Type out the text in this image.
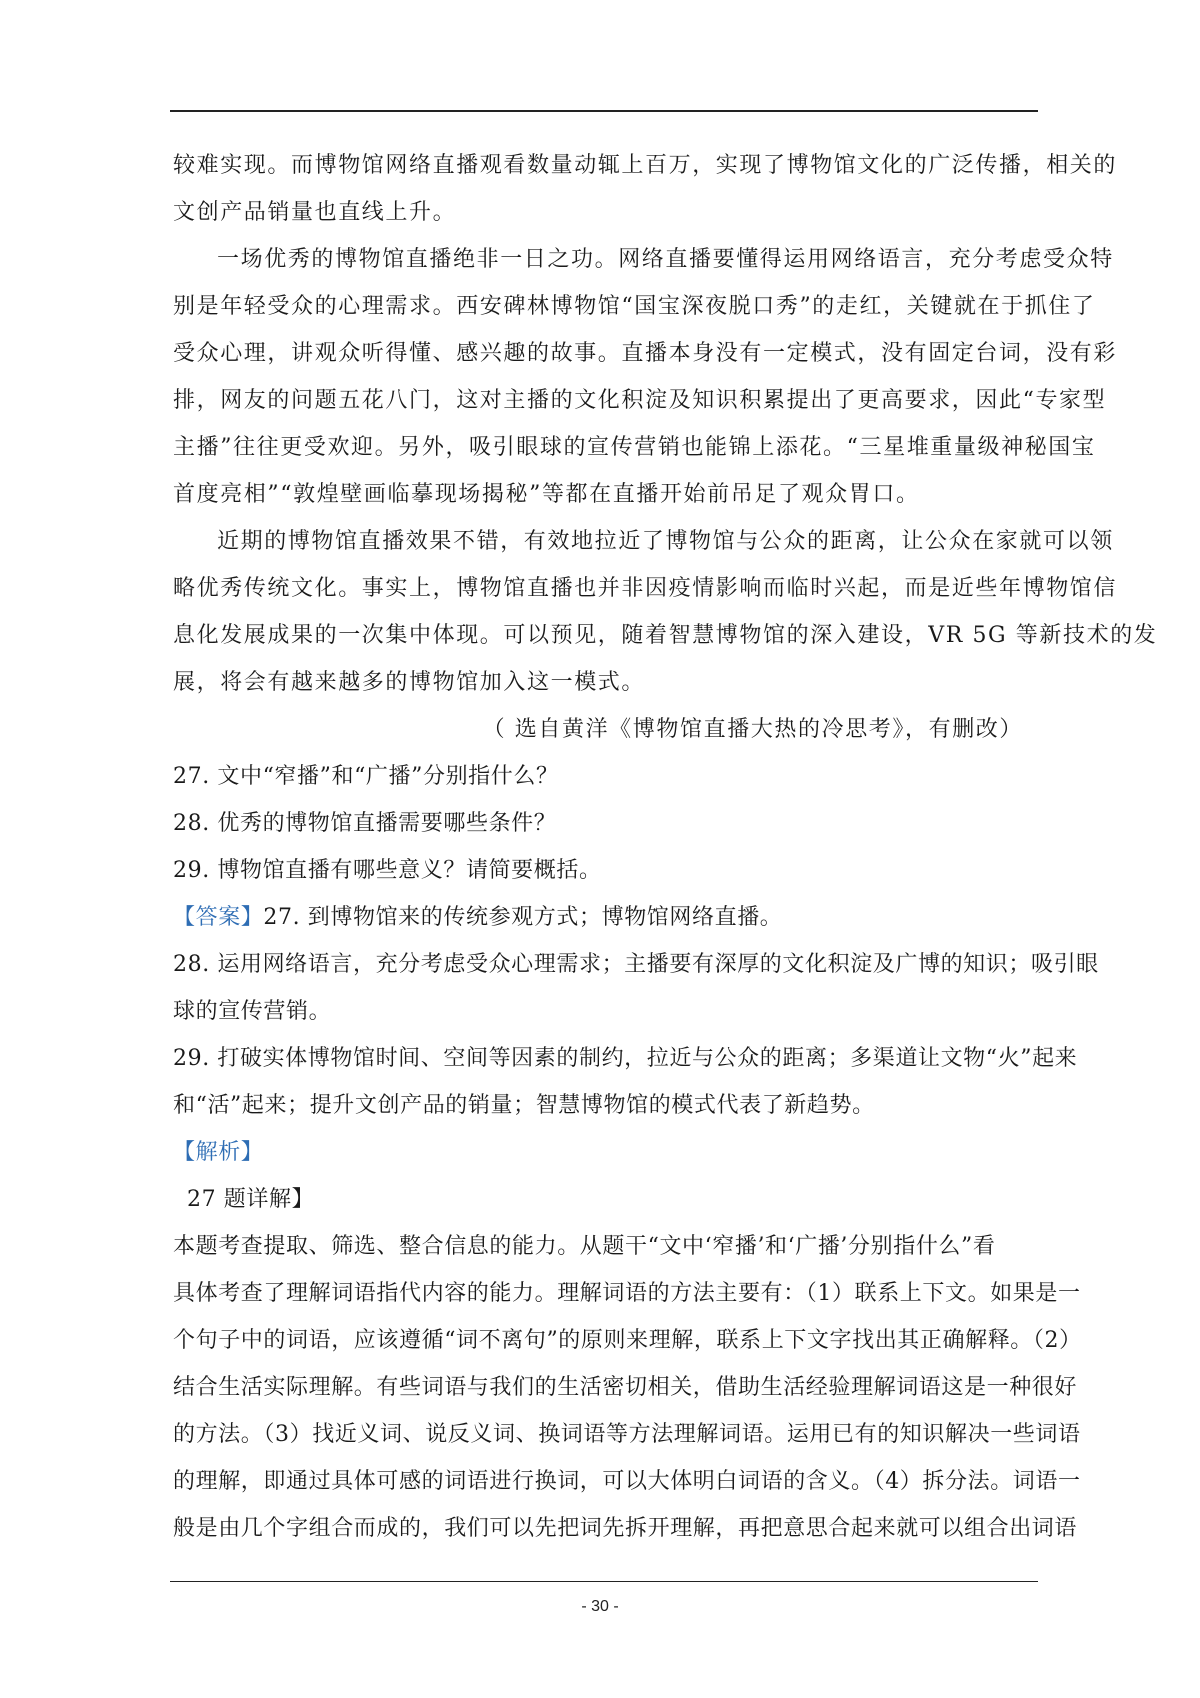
较难实现。而博物馆网络直播观看数量动辄上百万，实现了博物馆文化的广泛传播，相关的
文创产品销量也直线上升。
一场优秀的博物馆直播绝非一日之功。网络直播要懂得运用网络语言，充分考虑受众特
别是年轻受众的心理需求。西安碑林博物馆“国宝深夜脱口秀”的走红，关键就在于抓住了
受众心理，讲观众听得懂、感兴趣的故事。直播本身没有一定模式，没有固定台词，没有彩
排，网友的问题五花八门，这对主播的文化积淀及知识积累提出了更高要求，因此“专家型
主播”往往更受欢迎。另外，吸引眼球的宣传营销也能锦上添花。“三星堆重量级神秘国宝
首度亮相”“敦煌壁画临摹现场揭秘”等都在直播开始前吊足了观众胃口。
近期的博物馆直播效果不错，有效地拉近了博物馆与公众的距离，让公众在家就可以领
略优秀传统文化。事实上，博物馆直播也并非因疫情影响而临时兴起，而是近些年博物馆信
息化发展成果的一次集中体现。可以预见，随着智慧博物馆的深入建设，VR 5G 等新技术的发
展，将会有越来越多的博物馆加入这一模式。
（ 选自黄洋《博物馆直播大热的冷思考》，有删改）
27. 文中“窄播”和“广播”分别指什么？
28. 优秀的博物馆直播需要哪些条件？
29. 博物馆直播有哪些意义？请简要概括。
【答案】27. 到博物馆来的传统参观方式；博物馆网络直播。
28. 运用网络语言，充分考虑受众心理需求；主播要有深厚的文化积淀及广博的知识；吸引眼
球的宣传营销。
29. 打破实体博物馆时间、空间等因素的制约，拉近与公众的距离；多渠道让文物“火”起来
和“活”起来；提升文创产品的销量；智慧博物馆的模式代表了新趋势。
【解析】
27 题详解】
本题考查提取、筛选、整合信息的能力。从题干“文中‘窄播’和‘广播’分别指什么”看
具体考查了理解词语指代内容的能力。理解词语的方法主要有：（1）联系上下文。如果是一
个句子中的词语，应该遵循“词不离句”的原则来理解，联系上下文字找出其正确解释。（2）
结合生活实际理解。有些词语与我们的生活密切相关，借助生活经验理解词语这是一种很好
的方法。（3）找近义词、说反义词、换词语等方法理解词语。运用已有的知识解决一些词语
的理解，即通过具体可感的词语进行换词，可以大体明白词语的含义。（4）拆分法。词语一
般是由几个字组合而成的，我们可以先把词先拆开理解，再把意思合起来就可以组合出词语
- 30 -
